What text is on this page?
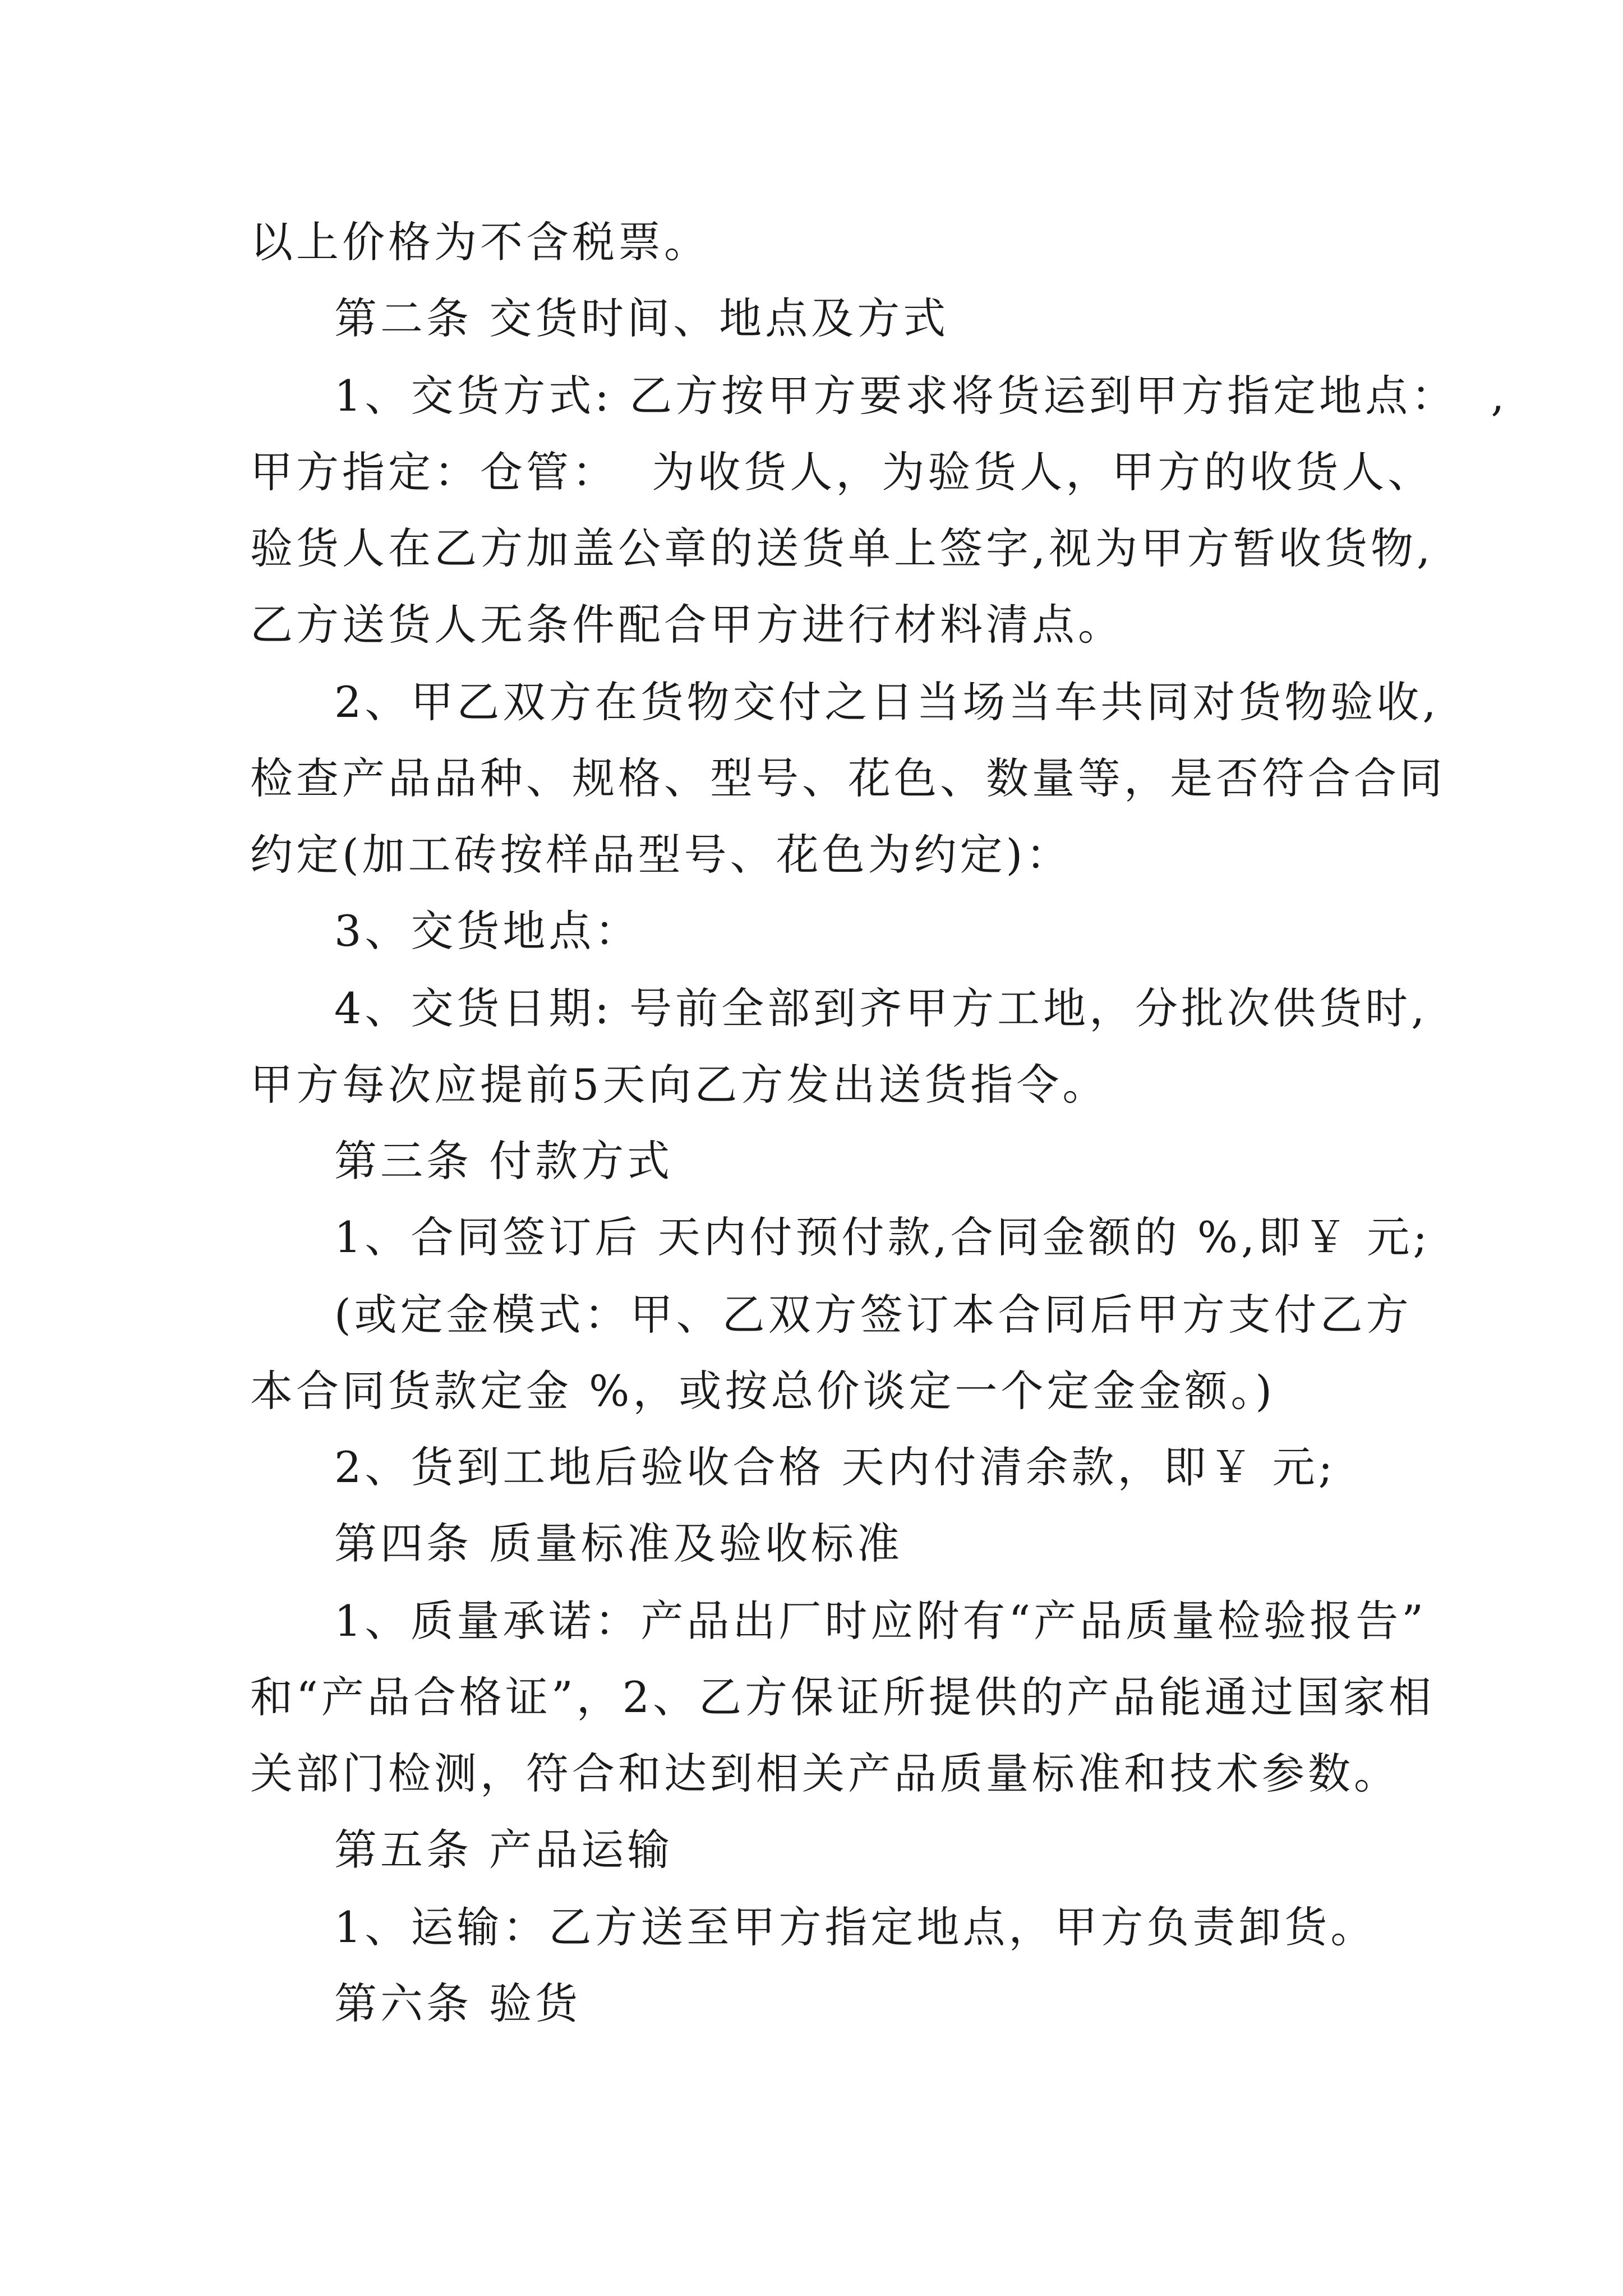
以上价格为不含税票。
第二条 交货时间、地点及方式
1、交货方式: 乙方按甲方要求将货运到甲方指定地点：  ,
甲方指定：仓管：  为收货人，为验货人，甲方的收货人、
验货人在乙方加盖公章的送货单上签字,视为甲方暂收货物,
乙方送货人无条件配合甲方进行材料清点。
2、甲乙双方在货物交付之日当场当车共同对货物验收,
检查产品品种、规格、型号、花色、数量等，是否符合合同
约定(加工砖按样品型号、花色为约定)：
3、交货地点：
4、交货日期: 号前全部到齐甲方工地，分批次供货时,
甲方每次应提前5天向乙方发出送货指令。
第三条 付款方式
1、合同签订后 天内付预付款,合同金额的 %,即￥ 元;
(或定金模式：甲、乙双方签订本合同后甲方支付乙方
本合同货款定金 %，或按总价谈定一个定金金额。)
2、货到工地后验收合格 天内付清余款，即￥ 元;
第四条 质量标准及验收标准
1、质量承诺：产品出厂时应附有“产品质量检验报告”
和“产品合格证”，2、乙方保证所提供的产品能通过国家相
关部门检测，符合和达到相关产品质量标准和技术参数。
第五条 产品运输
1、运输：乙方送至甲方指定地点，甲方负责卸货。
第六条 验货
